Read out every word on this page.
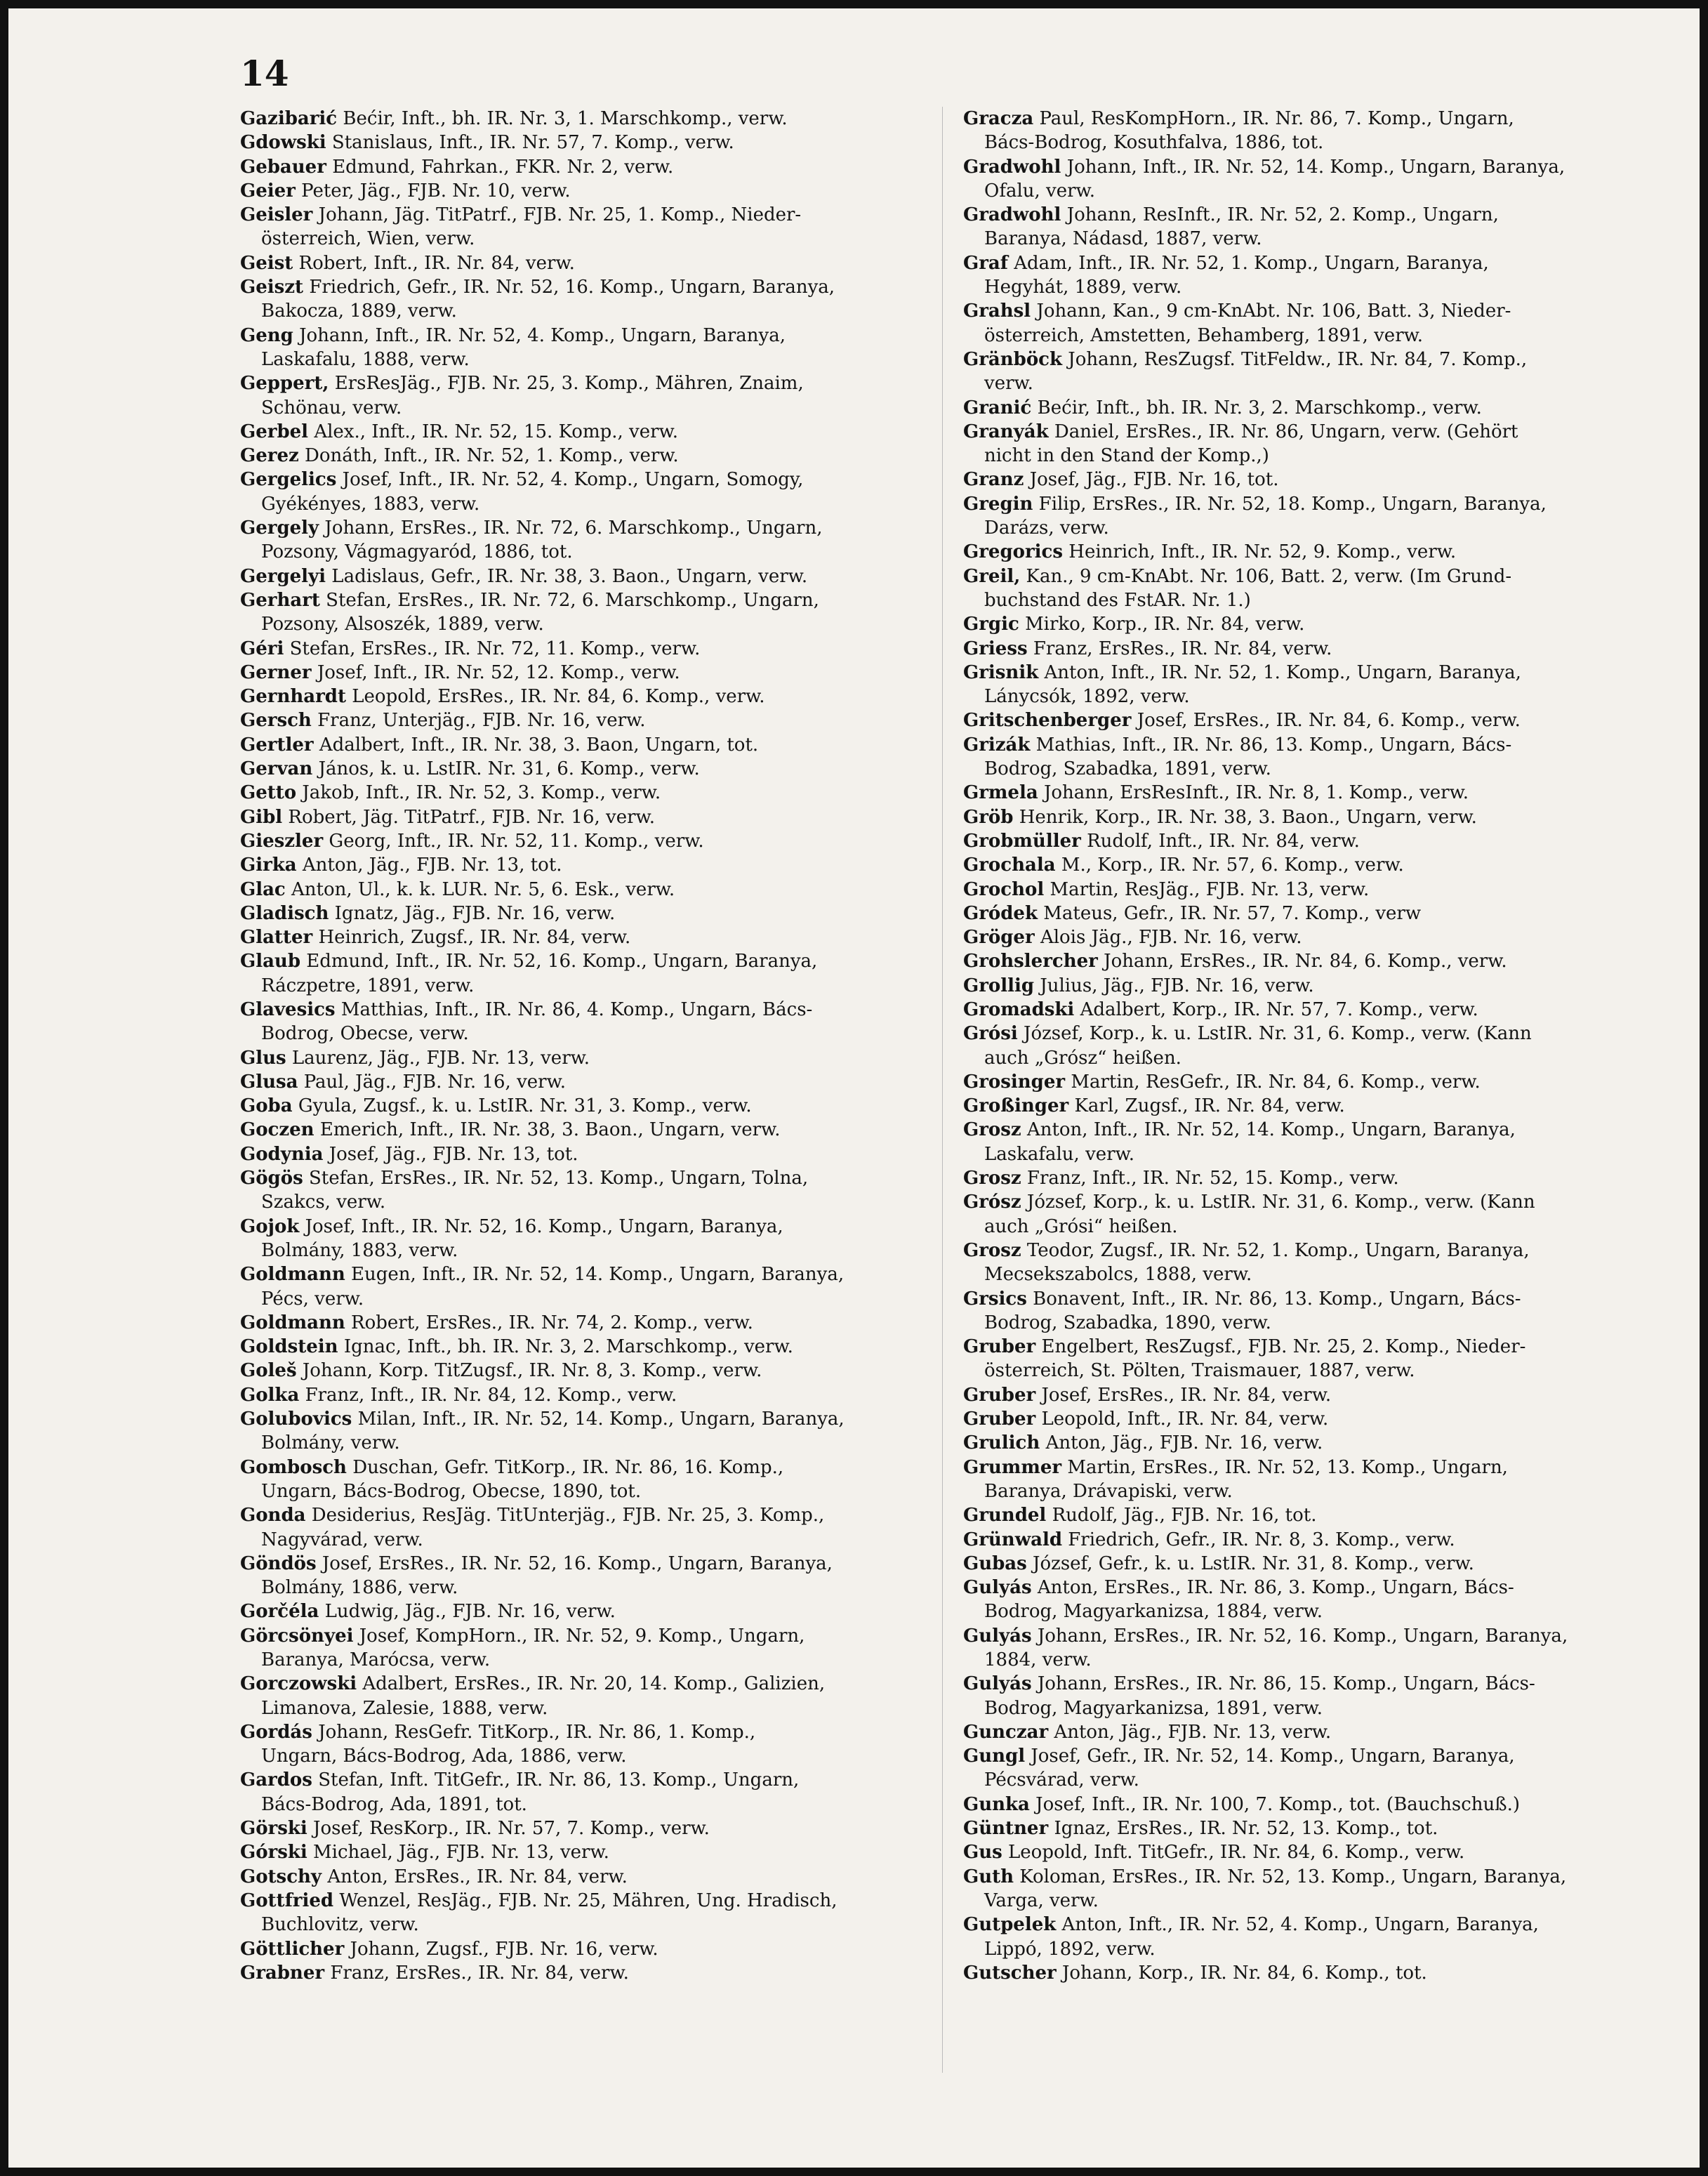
14

Gazibarić Bećir, Inft., bh. IR. Nr. 3, 1. Marschkomp., verw.

Gdowski Stanislaus, Inft., IR. Nr. 57, 7. Komp., verw.

Gebauer Edmund, Fahrkan., FKR. Nr. 2, verw.

Geier Peter, Jäg., FJB. Nr. 10, verw.

Geisler Johann, Jäg. TitPatrf., FJB. Nr. 25, 1. Komp., Nieder-
österreich, Wien, verw.

Geist Robert, Inft., IR. Nr. 84, verw.

Geiszt Friedrich, Gefr., IR. Nr. 52, 16. Komp., Ungarn, Baranya,
Bakocza, 1889, verw.

Geng Johann, Inft., IR. Nr. 52, 4. Komp., Ungarn, Baranya,
Laskafalu, 1888, verw.

Geppert, ErsResJäg., FJB. Nr. 25, 3. Komp., Mähren, Znaim,
Schönau, verw.

Gerbel Alex., Inft., IR. Nr. 52, 15. Komp., verw.

Gerez Donáth, Inft., IR. Nr. 52, 1. Komp., verw.

Gergelics Josef, Inft., IR. Nr. 52, 4. Komp., Ungarn, Somogy,
Gyékényes, 1883, verw.

Gergely Johann, ErsRes., IR. Nr. 72, 6. Marschkomp., Ungarn,
Pozsony, Vágmagyaród, 1886, tot.

Gergelyi Ladislaus, Gefr., IR. Nr. 38, 3. Baon., Ungarn, verw.

Gerhart Stefan, ErsRes., IR. Nr. 72, 6. Marschkomp., Ungarn,
Pozsony, Alsoszék, 1889, verw.

Géri Stefan, ErsRes., IR. Nr. 72, 11. Komp., verw.

Gerner Josef, Inft., IR. Nr. 52, 12. Komp., verw.

Gernhardt Leopold, ErsRes., IR. Nr. 84, 6. Komp., verw.

Gersch Franz, Unterjäg., FJB. Nr. 16, verw.

Gertler Adalbert, Inft., IR. Nr. 38, 3. Baon, Ungarn, tot.

Gervan János, k. u. LstIR. Nr. 31, 6. Komp., verw.

Getto Jakob, Inft., IR. Nr. 52, 3. Komp., verw.

Gibl Robert, Jäg. TitPatrf., FJB. Nr. 16, verw.

Gieszler Georg, Inft., IR. Nr. 52, 11. Komp., verw.

Girka Anton, Jäg., FJB. Nr. 13, tot.

Glac Anton, Ul., k. k. LUR. Nr. 5, 6. Esk., verw.

Gladisch Ignatz, Jäg., FJB. Nr. 16, verw.

Glatter Heinrich, Zugsf., IR. Nr. 84, verw.

Glaub Edmund, Inft., IR. Nr. 52, 16. Komp., Ungarn, Baranya,
Ráczpetre, 1891, verw.

Glavesics Matthias, Inft., IR. Nr. 86, 4. Komp., Ungarn, Bács-
Bodrog, Obecse, verw.

Glus Laurenz, Jäg., FJB. Nr. 13, verw.

Glusa Paul, Jäg., FJB. Nr. 16, verw.

Goba Gyula, Zugsf., k. u. LstIR. Nr. 31, 3. Komp., verw.

Goczen Emerich, Inft., IR. Nr. 38, 3. Baon., Ungarn, verw.

Godynia Josef, Jäg., FJB. Nr. 13, tot.

Gögös Stefan, ErsRes., IR. Nr. 52, 13. Komp., Ungarn, Tolna,
Szakcs, verw.

Gojok Josef, Inft., IR. Nr. 52, 16. Komp., Ungarn, Baranya,
Bolmány, 1883, verw.

Goldmann Eugen, Inft., IR. Nr. 52, 14. Komp., Ungarn, Baranya,
Pécs, verw.

Goldmann Robert, ErsRes., IR. Nr. 74, 2. Komp., verw.

Goldstein Ignac, Inft., bh. IR. Nr. 3, 2. Marschkomp., verw.

Goleš Johann, Korp. TitZugsf., IR. Nr. 8, 3. Komp., verw.

Golka Franz, Inft., IR. Nr. 84, 12. Komp., verw.

Golubovics Milan, Inft., IR. Nr. 52, 14. Komp., Ungarn, Baranya,
Bolmány, verw.

Gombosch Duschan, Gefr. TitKorp., IR. Nr. 86, 16. Komp.,
Ungarn, Bács-Bodrog, Obecse, 1890, tot.

Gonda Desiderius, ResJäg. TitUnterjäg., FJB. Nr. 25, 3. Komp.,
Nagyvárad, verw.

Göndös Josef, ErsRes., IR. Nr. 52, 16. Komp., Ungarn, Baranya,
Bolmány, 1886, verw.

Gorčéla Ludwig, Jäg., FJB. Nr. 16, verw.

Görcsönyei Josef, KompHorn., IR. Nr. 52, 9. Komp., Ungarn,
Baranya, Marócsa, verw.

Gorczowski Adalbert, ErsRes., IR. Nr. 20, 14. Komp., Galizien,
Limanova, Zalesie, 1888, verw.

Gordás Johann, ResGefr. TitKorp., IR. Nr. 86, 1. Komp.,
Ungarn, Bács-Bodrog, Ada, 1886, verw.

Gardos Stefan, Inft. TitGefr., IR. Nr. 86, 13. Komp., Ungarn,
Bács-Bodrog, Ada, 1891, tot.

Görski Josef, ResKorp., IR. Nr. 57, 7. Komp., verw.

Górski Michael, Jäg., FJB. Nr. 13, verw.

Gotschy Anton, ErsRes., IR. Nr. 84, verw.

Gottfried Wenzel, ResJäg., FJB. Nr. 25, Mähren, Ung. Hradisch,
Buchlovitz, verw.

Göttlicher Johann, Zugsf., FJB. Nr. 16, verw.

Grabner Franz, ErsRes., IR. Nr. 84, verw.

Gracza Paul, ResKompHorn., IR. Nr. 86, 7. Komp., Ungarn,
Bács-Bodrog, Kosuthfalva, 1886, tot.

Gradwohl Johann, Inft., IR. Nr. 52, 14. Komp., Ungarn, Baranya,
Ofalu, verw.

Gradwohl Johann, ResInft., IR. Nr. 52, 2. Komp., Ungarn,
Baranya, Nádasd, 1887, verw.

Graf Adam, Inft., IR. Nr. 52, 1. Komp., Ungarn, Baranya,
Hegyhát, 1889, verw.

Grahsl Johann, Kan., 9 cm-KnAbt. Nr. 106, Batt. 3, Nieder-
österreich, Amstetten, Behamberg, 1891, verw.

Gränböck Johann, ResZugsf. TitFeldw., IR. Nr. 84, 7. Komp.,
verw.

Granić Bećir, Inft., bh. IR. Nr. 3, 2. Marschkomp., verw.

Granyák Daniel, ErsRes., IR. Nr. 86, Ungarn, verw. (Gehört
nicht in den Stand der Komp.,)

Granz Josef, Jäg., FJB. Nr. 16, tot.

Gregin Filip, ErsRes., IR. Nr. 52, 18. Komp., Ungarn, Baranya,
Darázs, verw.

Gregorics Heinrich, Inft., IR. Nr. 52, 9. Komp., verw.

Greil, Kan., 9 cm-KnAbt. Nr. 106, Batt. 2, verw. (Im Grund-
buchstand des FstAR. Nr. 1.)

Grgic Mirko, Korp., IR. Nr. 84, verw.

Griess Franz, ErsRes., IR. Nr. 84, verw.

Grisnik Anton, Inft., IR. Nr. 52, 1. Komp., Ungarn, Baranya,
Lánycsók, 1892, verw.

Gritschenberger Josef, ErsRes., IR. Nr. 84, 6. Komp., verw.

Grizák Mathias, Inft., IR. Nr. 86, 13. Komp., Ungarn, Bács-
Bodrog, Szabadka, 1891, verw.

Grmela Johann, ErsResInft., IR. Nr. 8, 1. Komp., verw.

Gröb Henrik, Korp., IR. Nr. 38, 3. Baon., Ungarn, verw.

Grobmüller Rudolf, Inft., IR. Nr. 84, verw.

Grochala M., Korp., IR. Nr. 57, 6. Komp., verw.

Grochol Martin, ResJäg., FJB. Nr. 13, verw.

Gródek Mateus, Gefr., IR. Nr. 57, 7. Komp., verw

Gröger Alois Jäg., FJB. Nr. 16, verw.

Grohslercher Johann, ErsRes., IR. Nr. 84, 6. Komp., verw.

Grollig Julius, Jäg., FJB. Nr. 16, verw.

Gromadski Adalbert, Korp., IR. Nr. 57, 7. Komp., verw.

Grósi József, Korp., k. u. LstIR. Nr. 31, 6. Komp., verw. (Kann
auch „Grósz“ heißen.

Grosinger Martin, ResGefr., IR. Nr. 84, 6. Komp., verw.

Großinger Karl, Zugsf., IR. Nr. 84, verw.

Grosz Anton, Inft., IR. Nr. 52, 14. Komp., Ungarn, Baranya,
Laskafalu, verw.

Grosz Franz, Inft., IR. Nr. 52, 15. Komp., verw.

Grósz József, Korp., k. u. LstIR. Nr. 31, 6. Komp., verw. (Kann
auch „Grósi“ heißen.

Grosz Teodor, Zugsf., IR. Nr. 52, 1. Komp., Ungarn, Baranya,
Mecsekszabolcs, 1888, verw.

Grsics Bonavent, Inft., IR. Nr. 86, 13. Komp., Ungarn, Bács-
Bodrog, Szabadka, 1890, verw.

Gruber Engelbert, ResZugsf., FJB. Nr. 25, 2. Komp., Nieder-
österreich, St. Pölten, Traismauer, 1887, verw.

Gruber Josef, ErsRes., IR. Nr. 84, verw.

Gruber Leopold, Inft., IR. Nr. 84, verw.

Grulich Anton, Jäg., FJB. Nr. 16, verw.

Grummer Martin, ErsRes., IR. Nr. 52, 13. Komp., Ungarn,
Baranya, Drávapiski, verw.

Grundel Rudolf, Jäg., FJB. Nr. 16, tot.

Grünwald Friedrich, Gefr., IR. Nr. 8, 3. Komp., verw.

Gubas József, Gefr., k. u. LstIR. Nr. 31, 8. Komp., verw.

Gulyás Anton, ErsRes., IR. Nr. 86, 3. Komp., Ungarn, Bács-
Bodrog, Magyarkanizsa, 1884, verw.

Gulyás Johann, ErsRes., IR. Nr. 52, 16. Komp., Ungarn, Baranya,
1884, verw.

Gulyás Johann, ErsRes., IR. Nr. 86, 15. Komp., Ungarn, Bács-
Bodrog, Magyarkanizsa, 1891, verw.

Gunczar Anton, Jäg., FJB. Nr. 13, verw.

Gungl Josef, Gefr., IR. Nr. 52, 14. Komp., Ungarn, Baranya,
Pécsvárad, verw.

Gunka Josef, Inft., IR. Nr. 100, 7. Komp., tot. (Bauchschuß.)

Güntner Ignaz, ErsRes., IR. Nr. 52, 13. Komp., tot.

Gus Leopold, Inft. TitGefr., IR. Nr. 84, 6. Komp., verw.

Guth Koloman, ErsRes., IR. Nr. 52, 13. Komp., Ungarn, Baranya,
Varga, verw.

Gutpelek Anton, Inft., IR. Nr. 52, 4. Komp., Ungarn, Baranya,
Lippó, 1892, verw.

Gutscher Johann, Korp., IR. Nr. 84, 6. Komp., tot.
